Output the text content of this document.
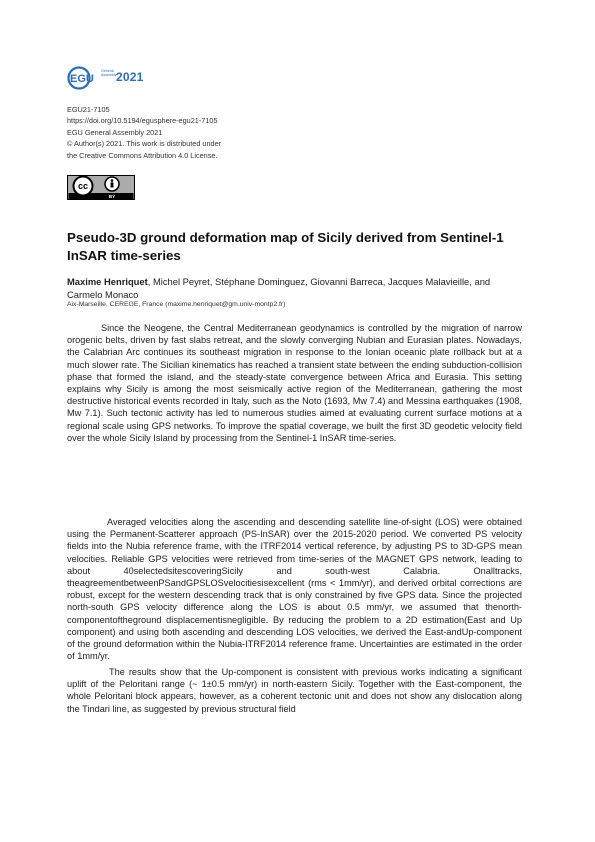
EGU
General
Assembly 2021
EGU21-7105
https://doi.org/10.5194/egusphere-egu21-7105
EGU General Assembly 2021
© Author(s) 2021. This work is distributed under
the Creative Commons Attribution 4.0 License.
cc
BY
Pseudo-3D ground deformation map of Sicily derived from Sentinel-1 InSAR time-series
Maxime Henriquet, Michel Peyret, Stéphane Dominguez, Giovanni Barreca, Jacques Malavieille, and Carmelo Monaco
Aix-Marseille, CEREGE, France (maxime.henriquet@gm.univ-montp2.fr)

Since the Neogene, the Central Mediterranean geodynamics is controlled by the migration of narrow orogenic belts, driven by fast slabs retreat, and the slowly converging Nubian and Eurasian plates. Nowadays, the Calabrian Arc continues its southeast migration in response to the Ionian oceanic plate rollback but at a much slower rate. The Sicilian kinematics has reached a transient state between the ending subduction-collision phase that formed the island, and the steady-state convergence between Africa and Eurasia. This setting explains why Sicily is among the most seismically active region of the Mediterranean, gathering the most destructive historical events recorded in Italy, such as the Noto (1693, Mw 7.4) and Messina earthquakes (1908, Mw 7.1). Such tectonic activity has led to numerous studies aimed at evaluating current surface motions at a regional scale using GPS networks. To improve the spatial coverage, we built the first 3D geodetic velocity field over the whole Sicily Island by processing from the Sentinel-1 InSAR time-series.

Averaged velocities along the ascending and descending satellite line-of-sight (LOS) were obtained using the Permanent-Scatterer approach (PS-InSAR) over the 2015-2020 period. We converted PS velocity fields into the Nubia reference frame, with the ITRF2014 vertical reference, by adjusting PS to 3D-GPS mean velocities. Reliable GPS velocities were retrieved from time-series of the MAGNET GPS network, leading to about 40selectedsitescoveringSicily and south-west Calabria. Onalltracks, theagreementbetweenPSandGPSLOSvelocitiesisexcellent (rms < 1mm/yr), and derived orbital corrections are robust, except for the western descending track that is only constrained by five GPS data. Since the projected north-south GPS velocity difference along the LOS is about 0.5 mm/yr, we assumed that thenorth-componentoftheground displacementisnegligible. By reducing the problem to a 2D estimation(East and Up component) and using both ascending and descending LOS velocities, we derived the East-andUp-component of the ground deformation within the Nubia-ITRF2014 reference frame. Uncertainties are estimated in the order of 1mm/yr.

The results show that the Up-component is consistent with previous works indicating a significant uplift of the Peloritani range (~ 1±0.5 mm/yr) in north-eastern Sicily. Together with the East-component, the whole Peloritani block appears, however, as a coherent tectonic unit and does not show any dislocation along the Tindari line, as suggested by previous structural field
